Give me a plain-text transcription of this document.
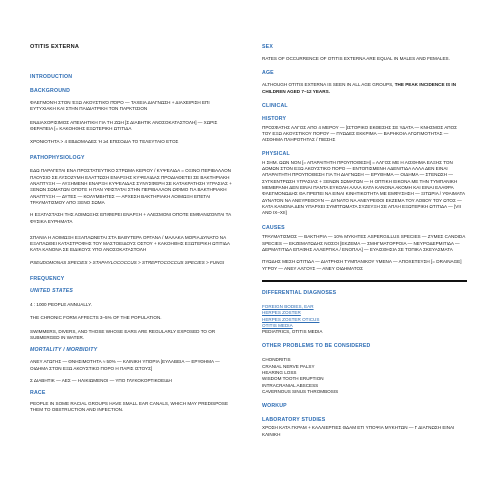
OTITIS EXTERNA
INTRODUCTION
BACKGROUND

ΦΛΕΓΜΟΝΉ ΣΤΟΝ ΈΞΩ ΑΚΟΥΣΤΙΚΌ ΠΌΡΟ — ΤΑΧΕΙΑ ΔΙΑΓΝΩΣΗ + ΔΙΑΧΕΙΡΙΣΗ ΕΠΙ ΕΥΤΥΧΙΑΚΗ ΚΑΙ ΣΤΗΝ ΠΑΙΔΙΑΤΡΙΚΗ ΤΟΝ ΠΑΡΚΤΙΣΙΟΝ

ΕΝΔΙΑΧΟΡΙΣΙΜΟΣ ΑΠΕΙΛΗΤΙΚΗ ΓΙΑ ΤΗ ΖΩΗ [Σ ΔΙΑΒΗΤΙΚ ΑΝΟΣΟΚΑΤΑΣΤΟΛΗ] — ΧΩΡΙΣ ΘΕΡΑΠΕΙΑ [= ΚΑΚΟΗΘΗΣ ΕΞΩΤΕΡΙΚΗ ΩΤΙΤΙΔΑ

ΧΡΟΝΙΟΤΗΤΑ > 4 ΕΒΔΟΜΑΔΕΣ Ή ≥4 ΕΠΙΣΟΔΙΑ ΤΟ ΤΕΛΕΥΤΑΙΟ ΕΤΟΣ

PATHOPHYSIOLOGY

ΕΔΩ ΠΑΡΑΓΕΤΑΙ ΕΝΑ ΠΡΟΣΤΑΤΕΥΤΙΚΟ ΣΤΡΩΜΑ ΚΕΡΙΟΥ / ΚΥΨΕΛΙΔΑ = ΟΞΙΝΟ ΠΕΡΙΒΑΛΛΟΝ ΠΛΟΥΣΙΟ ΣΕ ΛΥΣΟΖΥΜΗ ΕΛΑΤΤΩΣΗ ΕΝΑΡΞΗΣ ΚΥΨΕΛΙΔΑΣ ΠΡΟΔΙΑΘΕΤΕΙ ΣΕ ΒΑΚΤΗΡΙΑΚΗ ΑΝΑΠΤΥΞΗ — ΑΥΞΗΜΕΝΗ ΕΝΑΡΞΗ ΚΥΨΕΛΙΔΑΣ ΣΥΝΥΣΦΕΡΗ ΣΕ ΚΑΤΑΚΡΑΤΗΣΗ ΥΓΡΑΣΙΑΣ + ΞΕΝΩΝ ΣΩΜΑΤΩΝ ΟΠΟΤΕ Η ΠΑΝ ΥΦΙΣΤΑΤΑΙ ΣΤΗΝ ΠΕΡΙΒΑΛΛΟΝ ΩΦΙΜΟ ΓΙΑ ΒΑΚΤΗΡΙΑΚΗ ΑΝΑΠΤΥΞΗ — ΔΥΤΕΣ — ΚΟΛΥΜΒΗΤΕΣ — ΑΡΧΕΣΗ ΒΑΚΤΗΡΙΑΚΗ ΛΟΙΜΩΞΗ ΕΠΕΤΑΙ ΤΡΑΥΜΑΤΙΣΜΟΥ ΑΠΟ ΞΕΝΟ ΣΩΜΑ

Η ΕΞΑΤΑΣΤΑΣΗ ΤΗΣ ΛΟΙΜΩΞΗΣ ΕΠΙΦΕΡΕΙ ΕΝΑΡΞΗ + ΑΛΕΣΜΟΝΙ ΟΠΟΤΕ ΕΜΦΑΝΙΖΟΝΤΑΙ ΤΑ ΦΥΣΙΚΑ ΕΥΡΗΜΑΤΑ

ΣΠΑΝΙΑ Η ΛΟΙΜΩΞΗ ΕΞΑΠΛΩΝΕΤΑΙ ΣΤΑ ΒΑΘΥΤΕΡΑ ΟΡΓΑΝΑ / ΜΑΛΑΚΑ ΜΟΡΙΑ ΔΥΝΑΤΟ ΝΑ ΕΞΑΠΛΩΘΕΙ ΚΑΤΑΣΤΡΟΦΗΣ ΤΟΥ ΜΑΣΤΟΕΙΔΟΥΣ ΟΣΤΟΥ + ΚΑΚΟΗΘΗΣ ΕΞΩΤΕΡΙΚΗ ΩΤΙΤΙΔΑ ΚΑΤΑ ΚΑΝΟΝΑ ΣΕ ΕΙΔΙΚΟΥΣ ΥΠΟ ΑΝΟΣΟΚΑΤΑΣΤΟΛΗ

PSEUDOMONAS SPECIES > STAPHYLOCOCCUS > STREPTOCOCCUS SPECIES > FUNGI

FREQUENCY
UNITED STATES

4 : 1000 PEOPLE ANNUALLY.

THE CHRONIC FORM AFFECTS 3–5% OF THE POPULATION.

SWIMMERS, DIVERS, AND THOSE WHOSE EARS ARE REGULARLY EXPOSED TO OR SUBMERGED IN WATER.

MORTALITY / MORBIDITY

ΑΝΕΥ ΑΓΩΓΗΣ — ΘΝΗΣΙΜΟΤΗΤΑ ≈ 50% — ΚΛΙΝΙΚΗ ΥΠΟΡΙΑ [ΕΥΛΑΒΕΙΑ — ΕΡΥΘΗΜΑ — ΟΙΔΗΜΑ ΣΤΟΝ ΕΞΩ ΑΚΟΥΣΤΙΚΟ ΠΟΡΟ Η ΠΑΡΙΣ ΙΣΤΟΥΣ]

Σ ΔΙΑΒΗΤΙΚ — ΑΕΣ — ΗΛΙΚΙΩΜΕΝΟΙ — ΥΠΟ ΓΛΥΚΟΚΟΡΤΙΚΟΕΙΔΗ

RACE

PEOPLE IN SOME RACIAL GROUPS HAVE SMALL EAR CANALS, WHICH MAY PREDISPOSE THEM TO OBSTRUCTION AND INFECTION.

SEX

RATES OF OCCURRENCE OF OTITIS EXTERNA ARE EQUAL IN MALES AND FEMALES.

AGE

ALTHOUGH OTITIS EXTERNA IS SEEN IN ALL AGE GROUPS, THE PEAK INCIDENCE IS IN CHILDREN AGED 7–12 YEARS.

CLINICAL
HISTORY

ΠΡΟΣΦΑΤΗΣ ΑΛΓΟΣ ΑΠΟ 4 ΜΕΡΟΥ — [ΙΣΤΟΡΙΚΟ ΕΚΘΕΣΗΣ ΣΕ ΥΔΑΤΑ — ΚΝΗΣΜΟΣ ΑΠΟΣ ΤΟΥ ΕΞΩ ΑΚΟΥΣΤΙΚΟΥ ΠΟΡΟΥ — ΠΥΩΔΕΣ ΕΚΚΡΙΜΑ — ΒΑΡΗΚΟΙΑ ΑΓΩΓΙΜΟΤΗΤΑΣ — ΑΙΣΘΗΜΑ ΠΛΗΡΟΤΗΤΑΣ / ΠΙΕΣΗΣ

PHYSICAL

Η ΣΗΜ. ΩΩΝ ΝΟΝ [= ΑΠΑΡΑΙΤΗΤΗ ΠΡΟΥΠΟΘΕΣΗ] = ΑΛΓΟΣ ΜΕ Η ΑΙΣΘΗΜΑ ΕΛΞΗΣ ΤΟΝ ΔΟΜΩΝ ΣΤΟΝ ΕΞΩ ΑΚΟΥΣΤΙΚΟ ΠΟΡΟ — ΕΝΤΟΠΙΣΜΕΝΗ ΑΔΕΝΙΤΙΔΑ ΑΛΛΑ ΔΕΝ ΕΙΝΑΙ ΑΠΑΡΑΙΤΗΤΗ ΠΡΟΥΠΟΘΕΣΗ ΓΙΑ ΤΗ ΔΙΑΓΝΩΣΗ — ΕΡΥΘΗΜΑ — ΟΙΔΗΜΑ — ΣΤΕΝΩΣΗ — ΣΥΓΚΕΝΤΡΩΣΗ ΥΓΡΑΣΙΑΣ + ΞΕΝΩΝ ΣΩΜΑΤΩΝ — Η ΟΠΤΙΚΗ ΕΙΚΟΝΑ ΜΕ ΤΗΝ ΤΥΜΠΑΝΙΚΗ ΜΕΜΒΡΑΝΗ ΔΕΝ ΕΙΝΑΙ ΠΑΝΤΑ ΕΥΚΟΛΗ ΑΛΛΑ ΚΑΤΑ ΚΑΝΟΝΑ ΑΚΟΜΗ ΚΑΙ ΕΙΝΑΙ ΕΛΑΦΡΑ ΦΛΕΓΜΟΝΩΔΗΣ ΘΑ ΠΡΕΠΕΙ ΝΑ ΕΙΝΑΙ ΚΙΝΗΤΙΚΟΤΗΤΑ ΜΕ ΕΜΦΥΣΗΣΗ — ΞΙΤΩΡΙΑ / ΥΦΑΙΜΑΤΑ ΔΥΝΑΤΟΝ ΝΑ ΑΝΕΥΡΕΘΟΥΝ — ΔΥΝΑΤΟ ΝΑ ΑΝΕΥΡΕΘΟΙ ΕΚΖΕΜΑ ΤΟΥ ΛΟΒΟΥ ΤΟΥ ΩΤΟΣ — ΚΑΤΑ ΚΑΝΟΝΑ ΔΕΝ ΥΠΑΡΧΕΙ ΣΥΜΠΤΩΜΑΤΑ ΣΥΖΕΥΞΗ ΣΕ ΑΠΛΗ ΕΞΩΤΕΡΙΚΗ ΩΤΙΤΙΔΑ — [VII AND IX–XII]

CAUSES

ΤΡΑΥΜΑΤΙΣΜΟΣ — ΒΑΚΤΗΡΙΑ — 10% ΜΥΚΗΤΕΣ ASPERGILLUS SPECIES — ΖΥΜΕΣ CANDIDA SPECIES — ΕΚΖΕΜΑΤΩΔΗΣ ΝΟΣΟΙ [ΕΚΖΕΜΑ — ΣΜΗΓΜΑΤΟΡΡΟΙΑ — ΝΕΥΡΟΔΕΡΜΙΤΙΔΑ — ΔΕΡΜΑΤΙΤΙΔΑ ΕΠΑΦΗΣ ΑΛΛΕΡΓΙΚΑ / ΕΝΟΠΛΑ] — ΕΥΑΙΣΘΗΣΙΑ ΣΕ ΤΟΠΙΚΑ ΣΚΕΥΑΣΜΑΤΑ

ΠΥΩΔΗΣ ΜΕΣΗ ΩΤΙΤΙΔΑ — ΔΙΑΤΡΗΣΗ ΤΥΜΠΑΝΙΚΟΥ ΥΜΕΝΑ — ΑΠΟΧΕΤΕΥΣΗ [= DRAINAGE] ΥΓΡΟΥ — ΑΝΕΥ ΑΛΓΟΥΣ — ΑΝΕΥ ΟΙΔΗΜΑΤΟΣ

DIFFERENTIAL DIAGNOSES
FOREIGN BODIES, EAR
HERPES ZOSTER
HERPES ZOSTER OTICUS
OTITIS MEDIA
PEDIATRICS, OTITIS MEDIA
OTHER PROBLEMS TO BE CONSIDERED
CHONDRITIS
CRANIAL NERVE PALSY
HEARING LOSS
WISDOM TOOTH ERUPTION
INTRACRANIAL ABSCESS
CAVERNOUS SINUS THROMBOSIS
WORKUP
LABORATORY STUDIES

ΧΡΟΣΗ ΚΑΤΑ ΓΚΡΑΜ + ΚΑΛΛΙΕΡΓΙΕΣ ΘΔΑΜ ΕΤΙ ΥΠΟΨΙΑ ΜΥΚΗΤΩΝ — Γ ΔΙΑΓΝΩΣΗ ΕΙΝΑΙ ΚΛΙΝΙΚΗ
